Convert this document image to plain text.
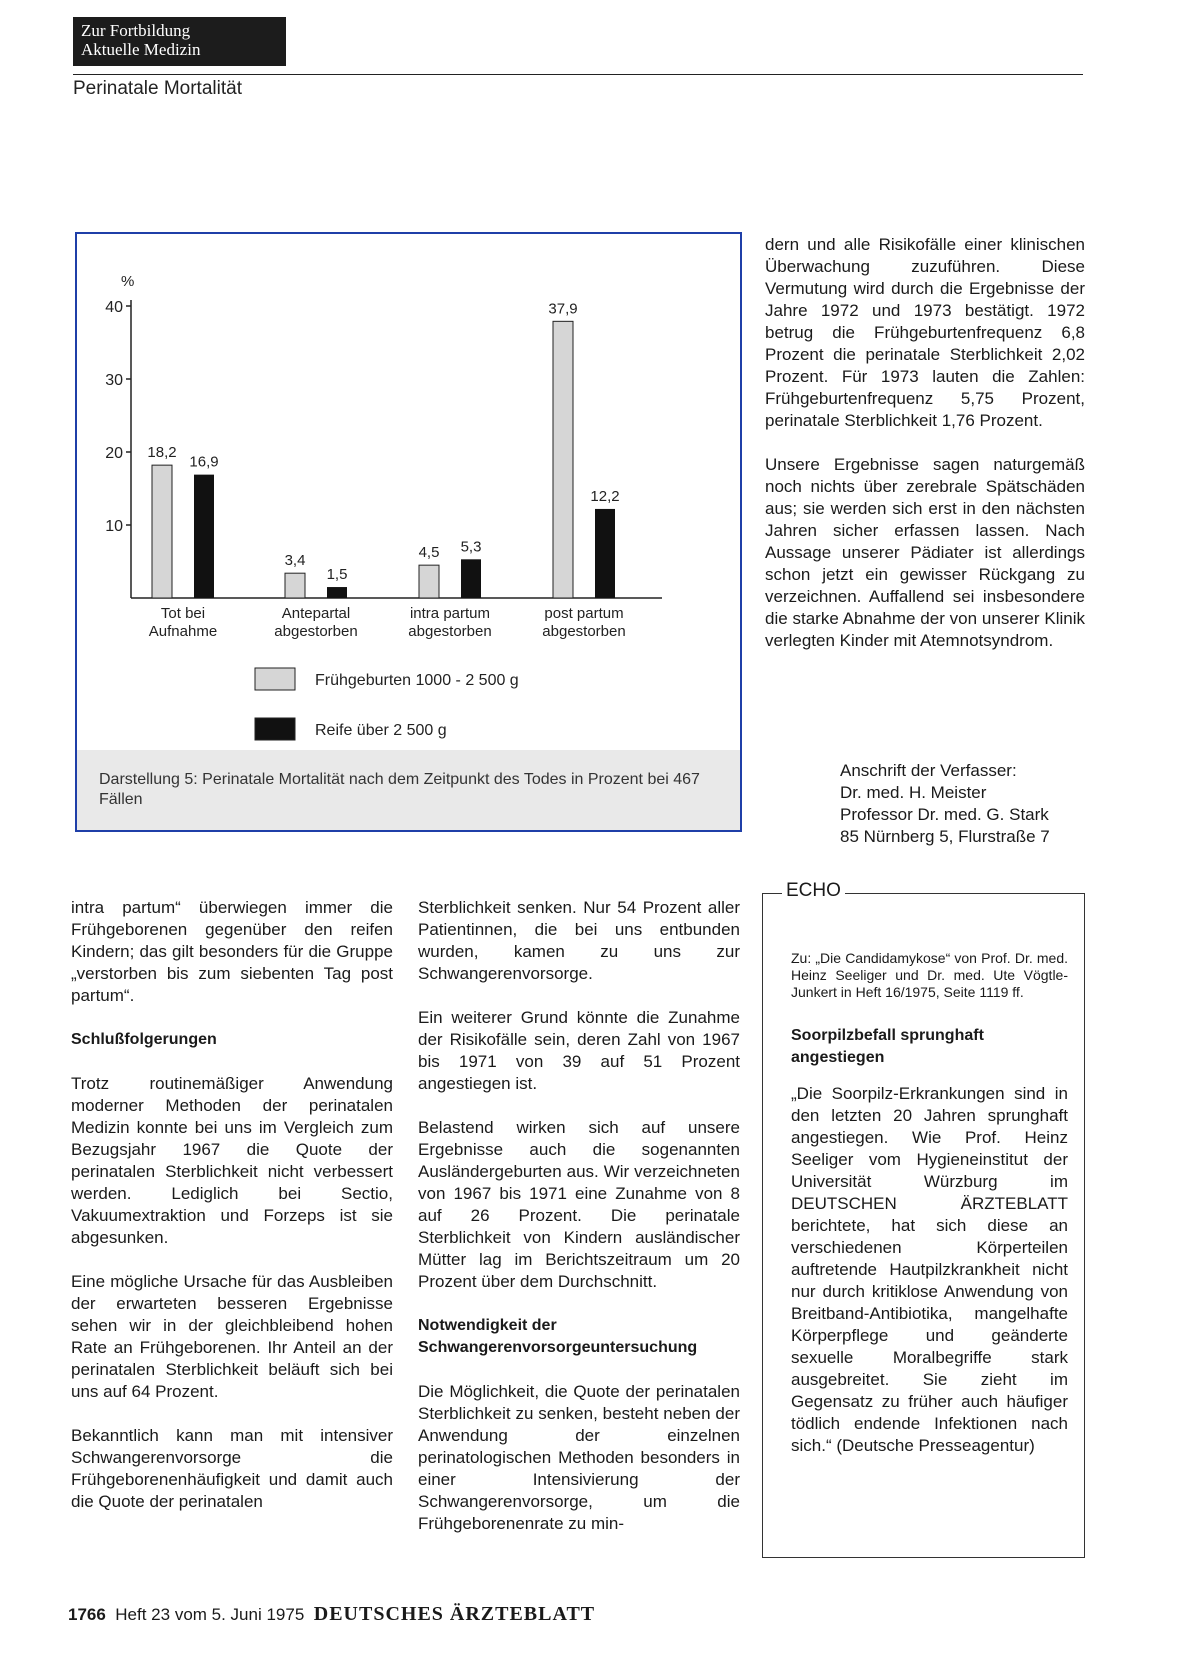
Zur Fortbildung
Aktuelle Medizin
Perinatale Mortalität
%
10
20
30
40
18,2
16,9
Tot bei
Aufnahme
3,4
1,5
Antepartal
abgestorben
4,5 5,3
intra partum
abgestorben
37,9
12,2
post partum
abgestorben
Frühgeburten 1000 - 2 500 g
Reife über 2 500 g
Darstellung 5: Perinatale Mortalität nach dem Zeitpunkt des Todes in Prozent bei 467 Fällen

dern und alle Risikofälle einer klinischen Überwachung zuzuführen. Diese Vermutung wird durch die Ergebnisse der Jahre 1972 und 1973 bestätigt. 1972 betrug die Frühgeburtenfrequenz 6,8 Prozent die perinatale Sterblichkeit 2,02 Prozent. Für 1973 lauten die Zahlen: Frühgeburtenfrequenz 5,75 Prozent, perinatale Sterblichkeit 1,76 Prozent.

Unsere Ergebnisse sagen naturgemäß noch nichts über zerebrale Spätschäden aus; sie werden sich erst in den nächsten Jahren sicher erfassen lassen. Nach Aussage unserer Pädiater ist allerdings schon jetzt ein gewisser Rückgang zu verzeichnen. Auffallend sei insbesondere die starke Abnahme der von unserer Klinik verlegten Kinder mit Atemnotsyndrom.

Anschrift der Verfasser:
Dr. med. H. Meister
Professor Dr. med. G. Stark
85 Nürnberg 5, Flurstraße 7

intra partum“ überwiegen immer die Frühgeborenen gegenüber den reifen Kindern; das gilt besonders für die Gruppe „verstorben bis zum siebenten Tag post partum“.

Schlußfolgerungen

Trotz routinemäßiger Anwendung moderner Methoden der perinatalen Medizin konnte bei uns im Vergleich zum Bezugsjahr 1967 die Quote der perinatalen Sterblichkeit nicht verbessert werden. Lediglich bei Sectio, Vakuumextraktion und Forzeps ist sie abgesunken.

Eine mögliche Ursache für das Ausbleiben der erwarteten besseren Ergebnisse sehen wir in der gleichbleibend hohen Rate an Frühgeborenen. Ihr Anteil an der perinatalen Sterblichkeit beläuft sich bei uns auf 64 Prozent.

Bekanntlich kann man mit intensiver Schwangerenvorsorge die Frühgeborenenhäufigkeit und damit auch die Quote der perinatalen

Sterblichkeit senken. Nur 54 Prozent aller Patientinnen, die bei uns entbunden wurden, kamen zu uns zur Schwangerenvorsorge.

Ein weiterer Grund könnte die Zunahme der Risikofälle sein, deren Zahl von 1967 bis 1971 von 39 auf 51 Prozent angestiegen ist.

Belastend wirken sich auf unsere Ergebnisse auch die sogenannten Ausländergeburten aus. Wir verzeichneten von 1967 bis 1971 eine Zunahme von 8 auf 26 Prozent. Die perinatale Sterblichkeit von Kindern ausländischer Mütter lag im Berichtszeitraum um 20 Prozent über dem Durchschnitt.

Notwendigkeit der Schwangerenvorsorgeuntersuchung

Die Möglichkeit, die Quote der perinatalen Sterblichkeit zu senken, besteht neben der Anwendung der einzelnen perinatologischen Methoden besonders in einer Intensivierung der Schwangerenvorsorge, um die Frühgeborenenrate zu min-

Zu: „Die Candidamykose“ von Prof. Dr. med. Heinz Seeliger und Dr. med. Ute Vögtle-Junkert in Heft 16/1975, Seite 1119 ff.
Soorpilzbefall sprunghaft angestiegen

„Die Soorpilz-Erkrankungen sind in den letzten 20 Jahren sprunghaft angestiegen. Wie Prof. Heinz Seeliger vom Hygieneinstitut der Universität Würzburg im DEUTSCHEN ÄRZTEBLATT berichtete, hat sich diese an verschiedenen Körperteilen auftretende Hautpilzkrankheit nicht nur durch kritiklose Anwendung von Breitband-Antibiotika, mangelhafte Körperpflege und geänderte sexuelle Moralbegriffe stark ausgebreitet. Sie zieht im Gegensatz zu früher auch häufiger tödlich endende Infektionen nach sich.“ (Deutsche Presseagentur)

ECHO
1766 Heft 23 vom 5. Juni 1975 DEUTSCHES ÄRZTEBLATT
